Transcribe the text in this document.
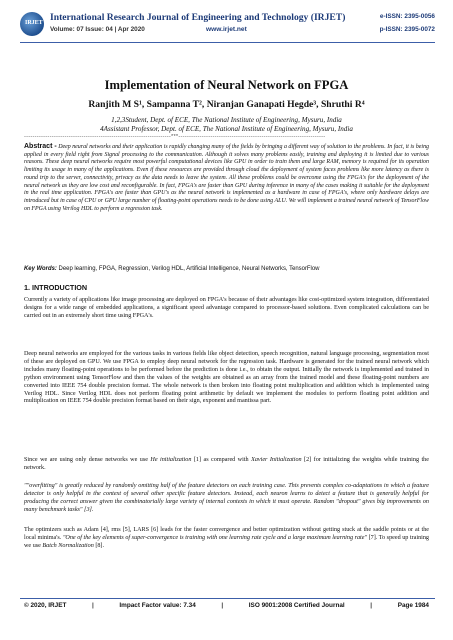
IRJET International Research Journal of Engineering and Technology (IRJET)
Volume: 07 Issue: 04 | Apr 2020	www.irjet.net
e-ISSN: 2395-0056
p-ISSN: 2395-0072
Implementation of Neural Network on FPGA
Ranjith M S¹, Sampanna T², Niranjan Ganapati Hegde³, Shruthi R⁴
1,2,3Student, Dept. of ECE, The National Institute of Engineering, Mysuru, India
4Assistant Professor, Dept. of ECE, The National Institute of Engineering, Mysuru, India
---------------------------------------------------------------------***---------------------------------------------------------------------
Abstract - Deep neural networks and their application is rapidly changing many of the fields by bringing a different way of solution to the problems. In fact, it is being applied in every field right from Signal processing to the communication. Although it solves many problems easily, training and deploying it is limited due to various reasons. These deep neural networks require most powerful computational devices like GPU in order to train them and large RAM, memory is required for its operation limiting its usage in many of the applications. Even if these resources are provided through cloud the deployment of system faces problems like more latency as there is round trip to the server, connectivity, privacy as the data needs to leave the system. All these problems could be overcome using the FPGA's for the deployment of the neural network as they are low cost and reconfigurable. In fact, FPGA's are faster than GPU during inference in many of the cases making it suitable for the deployment in the real time application. FPGA's are faster than GPU's as the neural network is implemented as a hardware in case of FPGA's, where only hardware delays are introduced but in case of CPU or GPU large number of floating-point operations needs to be done using ALU. We will implement a trained neural network of TensorFlow on FPGA using Verilog HDL to perform a regression task.
Key Words: Deep learning, FPGA, Regression, Verilog HDL, Artificial Intelligence, Neural Networks, TensorFlow
1. INTRODUCTION
Currently a variety of applications like image processing are deployed on FPGA's because of their advantages like cost-optimized system integration, differentiated designs for a wide range of embedded applications, a significant speed advantage compared to processor-based solutions. Even complicated calculations can be carried out in an extremely short time using FPGA's.
Deep neural networks are employed for the various tasks in various fields like object detection, speech recognition, natural language processing, segmentation most of these are deployed on GPU. We use FPGA to employ deep neural network for the regression task. Hardware is generated for the trained neural network which includes many floating-point operations to be performed before the prediction is done i.e., to obtain the output. Initially the network is implemented and trained in python environment using TensorFlow and then the values of the weights are obtained as an array from the trained model and these floating-point numbers are converted into IEEE 754 double precision format. The whole network is then broken into floating point multiplication and addition which is implemented using Verilog HDL. Since Verilog HDL does not perform floating point arithmetic by default we implement the modules to perform floating point addition and multiplication on IEEE 754 double precision format based on their sign, exponent and mantissa part.
Since we are using only dense networks we use He initialization [1] as compared with Xavier Initialization [2] for initializing the weights while training the network.
""overfitting" is greatly reduced by randomly omitting half of the feature detectors on each training case. This prevents complex co-adaptations in which a feature detector is only helpful in the context of several other specific feature detectors. Instead, each neuron learns to detect a feature that is generally helpful for producing the correct answer given the combinatorially large variety of internal contexts in which it must operate. Random "dropout" gives big improvements on many benchmark tasks" [3].
The optimizers such as Adam [4], rms [5], LARS [6] leads for the faster convergence and better optimization without getting stuck at the saddle points or at the local minima's. "One of the key elements of super-convergence is training with one learning rate cycle and a large maximum learning rate" [7]. To speed up training we use Batch Normalization [8].
© 2020, IRJET	|	Impact Factor value: 7.34	|	ISO 9001:2008 Certified Journal	|	Page 1984
